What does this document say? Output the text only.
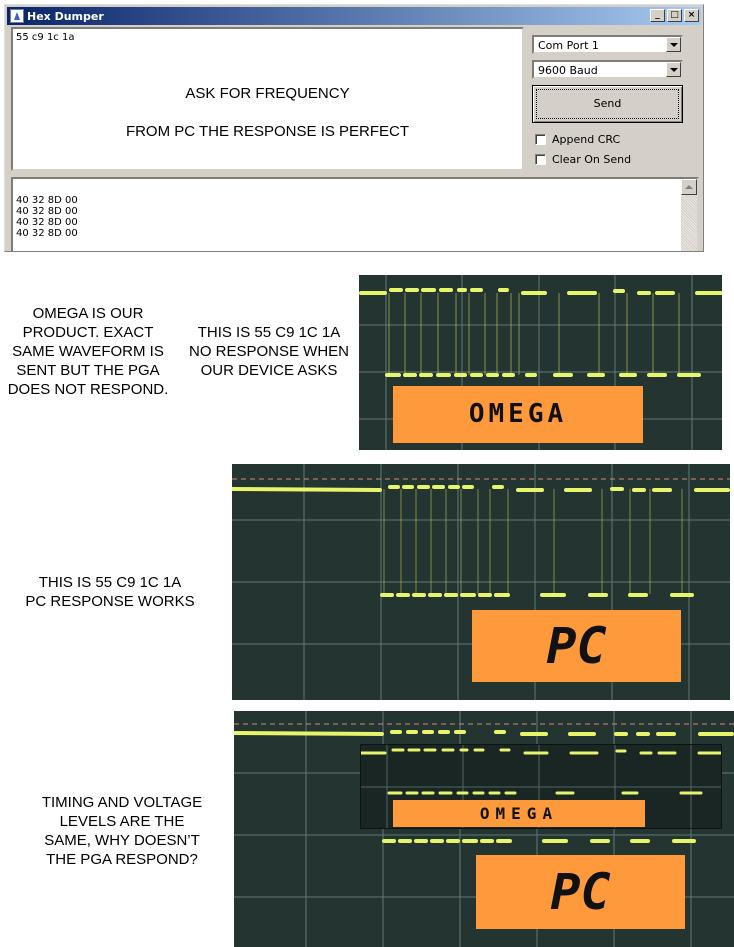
Hex Dumper	_	□ ×
55 c9 1c 1a
ASK FOR FREQUENCY
FROM PC THE RESPONSE IS PERFECT
Com Port 1
9600 Baud
Send
Append CRC
Clear On Send
40 32 8D 00
40 32 8D 00
40 32 8D 00
40 32 8D 00
OMEGA IS OUR
PRODUCT. EXACT
SAME WAVEFORM IS
SENT BUT THE PGA
DOES NOT RESPOND.
THIS IS 55 C9 1C 1A
NO RESPONSE WHEN
OUR DEVICE ASKS
OMEGA
THIS IS 55 C9 1C 1A
PC RESPONSE WORKS
PC
TIMING AND VOLTAGE
LEVELS ARE THE
SAME, WHY DOESN’T
THE PGA RESPOND?
OMEGA
PC
